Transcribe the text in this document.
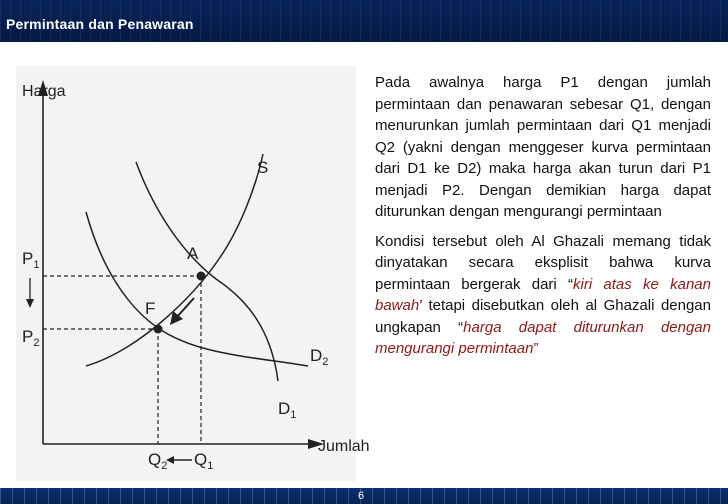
Permintaan dan Penawaran
Harga
Jumlah
S
$D_1$
$D_2$
A
F
$P_1$
$P_2$
$Q_2$ $Q_1$

Pada awalnya harga P1 dengan jumlah permintaan dan penawaran sebesar Q1, dengan menurunkan jumlah permintaan dari Q1 menjadi Q2 (yakni dengan menggeser kurva permintaan dari D1 ke D2) maka harga akan turun dari P1 menjadi P2. Dengan demikian harga dapat diturunkan dengan mengurangi permintaan

Kondisi tersebut oleh Al Ghazali memang tidak dinyatakan secara eksplisit bahwa kurva permintaan bergerak dari “kiri atas ke kanan bawah’ tetapi disebutkan oleh al Ghazali dengan ungkapan “harga dapat diturunkan dengan mengurangi permintaan”

6
